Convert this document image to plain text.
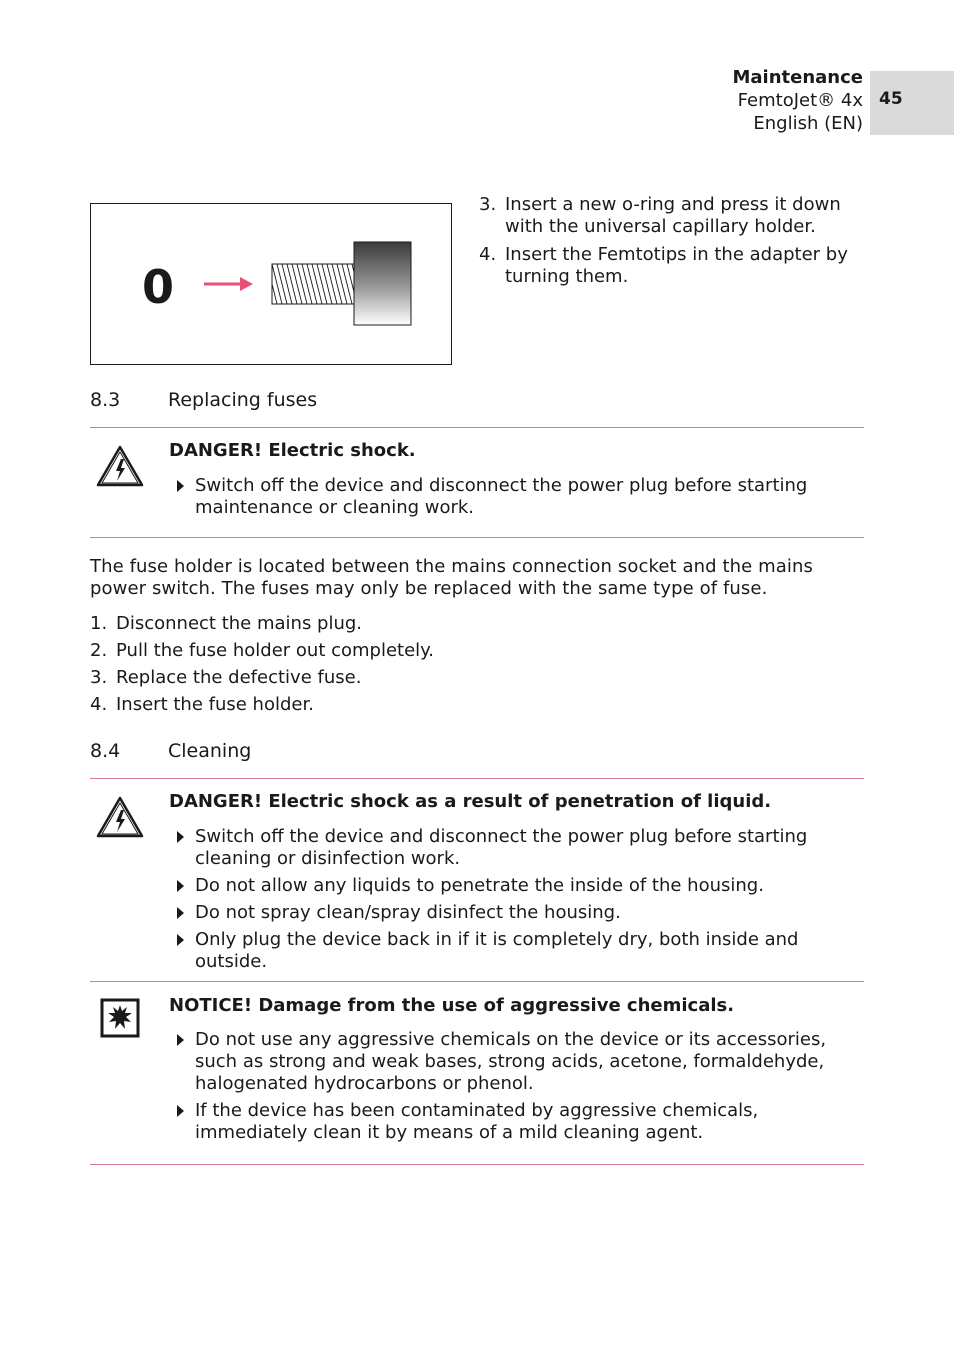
Maintenance
FemtoJet® 4x
English (EN)
45
0
3. Insert a new o-ring and press it down with the universal capillary holder.
4. Insert the Femtotips in the adapter by turning them.
8.3	Replacing fuses
DANGER! Electric shock.
Switch off the device and disconnect the power plug before starting maintenance or cleaning work.
The fuse holder is located between the mains connection socket and the mains power switch. The fuses may only be replaced with the same type of fuse.
1. Disconnect the mains plug.
2. Pull the fuse holder out completely.
3. Replace the defective fuse.
4. Insert the fuse holder.
8.4	Cleaning
DANGER! Electric shock as a result of penetration of liquid.
Switch off the device and disconnect the power plug before starting cleaning or disinfection work.
Do not allow any liquids to penetrate the inside of the housing.
Do not spray clean/spray disinfect the housing.
Only plug the device back in if it is completely dry, both inside and outside.
NOTICE! Damage from the use of aggressive chemicals.
Do not use any aggressive chemicals on the device or its accessories, such as strong and weak bases, strong acids, acetone, formaldehyde, halogenated hydrocarbons or phenol.
If the device has been contaminated by aggressive chemicals, immediately clean it by means of a mild cleaning agent.
